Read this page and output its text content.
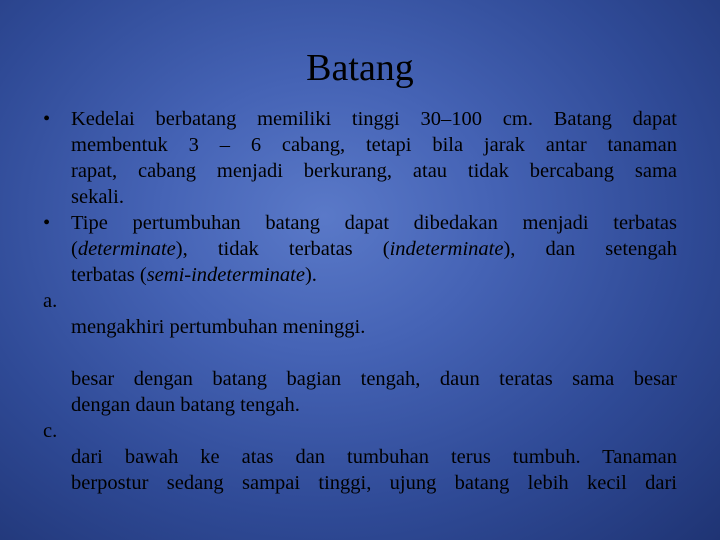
Batang
•	Kedelai berbatang memiliki tinggi 30–100 cm. Batang dapat
membentuk 3 – 6 cabang, tetapi bila jarak antar tanaman
rapat, cabang menjadi berkurang, atau tidak bercabang sama
sekali.
•	Tipe pertumbuhan batang dapat dibedakan menjadi terbatas
(determinate), tidak terbatas (indeterminate), dan setengah
terbatas (semi-indeterminate).
a.
mengakhiri pertumbuhan meninggi.
besar dengan batang bagian tengah, daun teratas sama besar
dengan daun batang tengah.
c.
dari bawah ke atas dan tumbuhan terus tumbuh. Tanaman
berpostur sedang sampai tinggi, ujung batang lebih kecil dari
